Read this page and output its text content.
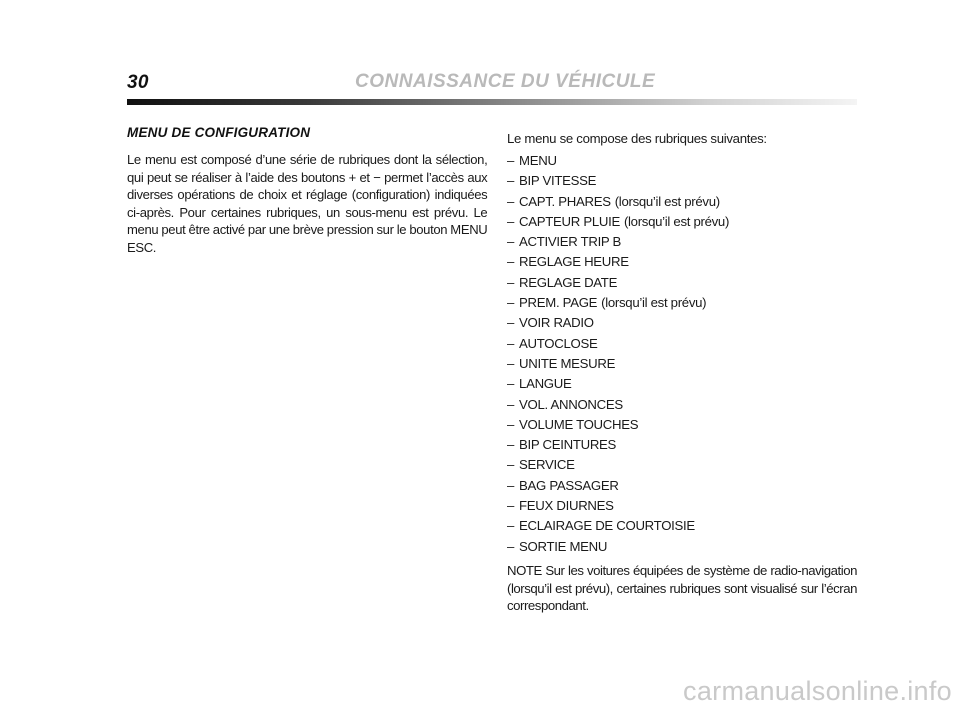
30	CONNAISSANCE DU VÉHICULE
MENU DE CONFIGURATION

Le menu est composé d’une série de rubriques dont la sélection, qui peut se réaliser à l’aide des boutons + et − permet l’accès aux diverses opérations de choix et réglage (configuration) indiquées ci-après. Pour certaines rubriques, un sous-menu est prévu. Le menu peut être activé par une brève pression sur le bouton MENU ESC.

Le menu se compose des rubriques suivantes:

– MENU
– BIP VITESSE
– CAPT. PHARES (lorsqu’il est prévu)
– CAPTEUR PLUIE (lorsqu’il est prévu)
– ACTIVIER TRIP B
– REGLAGE HEURE
– REGLAGE DATE
– PREM. PAGE (lorsqu’il est prévu)
– VOIR RADIO
– AUTOCLOSE
– UNITE MESURE
– LANGUE
– VOL. ANNONCES
– VOLUME TOUCHES
– BIP CEINTURES
– SERVICE
– BAG PASSAGER
– FEUX DIURNES
– ECLAIRAGE DE COURTOISIE
– SORTIE MENU

NOTE Sur les voitures équipées de système de radio-navigation (lorsqu’il est prévu), certaines rubriques sont visualisé sur l’écran correspondant.

carmanualsonline.info
